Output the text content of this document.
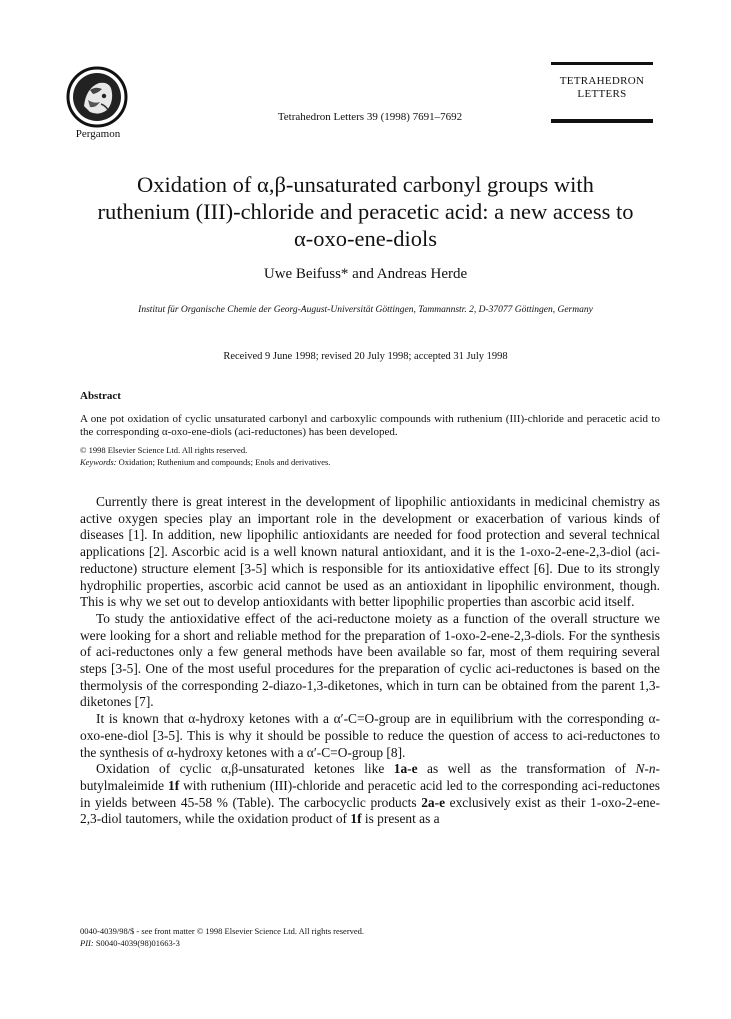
Pergamon
Tetrahedron Letters 39 (1998) 7691–7692
TETRAHEDRON
LETTERS
Oxidation of α,β-unsaturated carbonyl groups with
ruthenium (III)-chloride and peracetic acid: a new access to
α-oxo-ene-diols
Uwe Beifuss* and Andreas Herde
Institut für Organische Chemie der Georg-August-Universität Göttingen, Tammannstr. 2, D-37077 Göttingen, Germany
Received 9 June 1998; revised 20 July 1998; accepted 31 July 1998
Abstract
A one pot oxidation of cyclic unsaturated carbonyl and carboxylic compounds with ruthenium (III)-chloride and peracetic acid to the corresponding α-oxo-ene-diols (aci-reductones) has been developed.
© 1998 Elsevier Science Ltd. All rights reserved.
Keywords: Oxidation; Ruthenium and compounds; Enols and derivatives.

Currently there is great interest in the development of lipophilic antioxidants in medicinal chemistry as active oxygen species play an important role in the development or exacerbation of various kinds of diseases [1]. In addition, new lipophilic antioxidants are needed for food protection and several technical applications [2]. Ascorbic acid is a well known natural antioxidant, and it is the 1-oxo-2-ene-2,3-diol (aci-reductone) structure element [3-5] which is responsible for its antioxidative effect [6]. Due to its strongly hydrophilic properties, ascorbic acid cannot be used as an antioxidant in lipophilic environment, though. This is why we set out to develop antioxidants with better lipophilic properties than ascorbic acid itself.

To study the antioxidative effect of the aci-reductone moiety as a function of the overall structure we were looking for a short and reliable method for the preparation of 1-oxo-2-ene-2,3-diols. For the synthesis of aci-reductones only a few general methods have been available so far, most of them requiring several steps [3-5]. One of the most useful procedures for the preparation of cyclic aci-reductones is based on the thermolysis of the corresponding 2-diazo-1,3-diketones, which in turn can be obtained from the parent 1,3-diketones [7].

It is known that α-hydroxy ketones with a α′-C=O-group are in equilibrium with the corresponding α-oxo-ene-diol [3-5]. This is why it should be possible to reduce the question of access to aci-reductones to the synthesis of α-hydroxy ketones with a α′-C=O-group [8].

Oxidation of cyclic α,β-unsaturated ketones like 1a-e as well as the transformation of N-n-butylmaleimide 1f with ruthenium (III)-chloride and peracetic acid led to the corresponding aci-reductones in yields between 45-58 % (Table). The carbocyclic products 2a-e exclusively exist as their 1-oxo-2-ene-2,3-diol tautomers, while the oxidation product of 1f is present as a

0040-4039/98/$ - see front matter © 1998 Elsevier Science Ltd. All rights reserved.
PII: S0040-4039(98)01663-3
